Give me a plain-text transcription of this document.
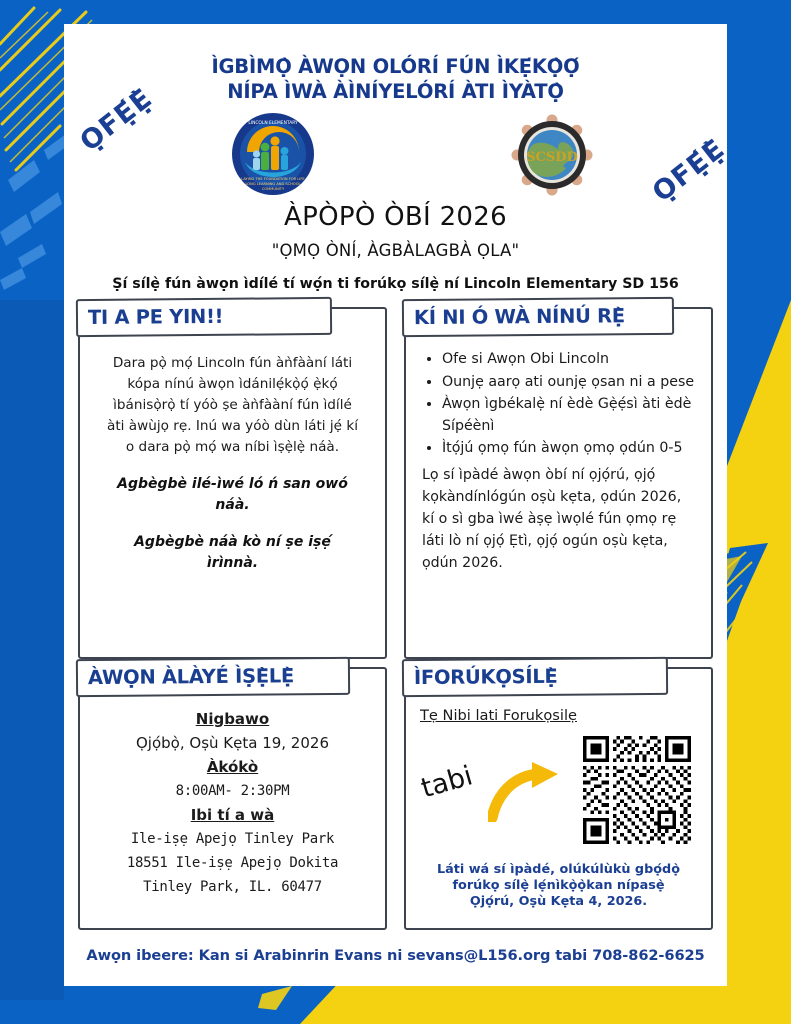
ÌGBÌMỌ̀ ÀWỌN OLÓRÍ FÚN ÌKẸ́KỌ̀Ọ́
NÍPA ÌWÀ ÀÌNÍYELÓRÍ ÀTI ÌYÀTỌ̀
ỌFẸ́Ẹ̀
ỌFẸ́Ẹ̀
LINCOLN ELEMENTARY
LAYING THE FOUNDATION FOR LIFE
LONG LEARNING AND SCHOOL
COMMUNITY
SCSDD
ÀPÒPÒ ÒBÍ 2026
"ỌMỌ ÒNÍ, ÀGBÀLAGBÀ ỌLA"
Ṣí sílẹ̀ fún àwọn ìdílé tí wọ́n ti forúkọ sílẹ̀ ní Lincoln Elementary SD 156
TI A PE YIN!!
Dara pọ̀ mọ́ Lincoln fún àǹfààní láti kópa nínú àwọn ìdánilẹ́kọ̀ọ́ ẹ̀kọ́ ìbánisọ̀rọ̀ tí yóò ṣe àǹfààní fún ìdílé àti àwùjọ rẹ. Inú wa yóò dùn láti jẹ́ kí o dara pọ̀ mọ́ wa níbi ìṣẹ̀lẹ̀ náà.
Agbègbè ilé-ìwé ló ń san owó náà.
Agbègbè náà kò ní ṣe iṣẹ́ ìrìnnà.
KÍ NI Ó WÀ NÍNÚ RẸ̀
• Ofe si Awọn Obi Lincoln
• Ounjẹ aarọ ati ounjẹ ọsan ni a pese
• Àwọn ìgbékalẹ̀ ní èdè Gẹ̀ẹ́sì àti èdè Sípéènì
• Ìtọ́jú ọmọ fún àwọn ọmọ ọdún 0-5
Lọ sí ìpàdé àwọn òbí ní ọjọ́rú, ọjọ́ kọkàndínlógún oṣù kẹta, ọdún 2026, kí o sì gba ìwé àṣẹ ìwọlé fún ọmọ rẹ láti lò ní ọjọ́ Ẹtì, ọjọ́ ogún oṣù kẹta, ọdún 2026.
ÀWỌN ÀLÀYÉ ÌṢẸ̀LẸ̀
Nigbawo
Ọjọ́bọ̀, Oṣù Kẹta 19, 2026
Àkókò
8:00AM- 2:30PM
Ibi tí a wà
Ile-iṣẹ Apejọ Tinley Park
18551 Ile-iṣẹ Apejọ Dokita
Tinley Park, IL. 60477
ÌFORÚKỌSÍLẸ̀
Tẹ Nibi lati Forukọsilẹ
tabi
Láti wá sí ìpàdé, olúkúlùkù gbọ́dọ̀
forúkọ sílẹ̀ lẹ́nìkọ̀ọ̀kan nípasẹ̀
Ọjọ́rú, Oṣù Kẹta 4, 2026.
Awọn ibeere: Kan si Arabinrin Evans ni sevans@L156.org tabi 708-862-6625
